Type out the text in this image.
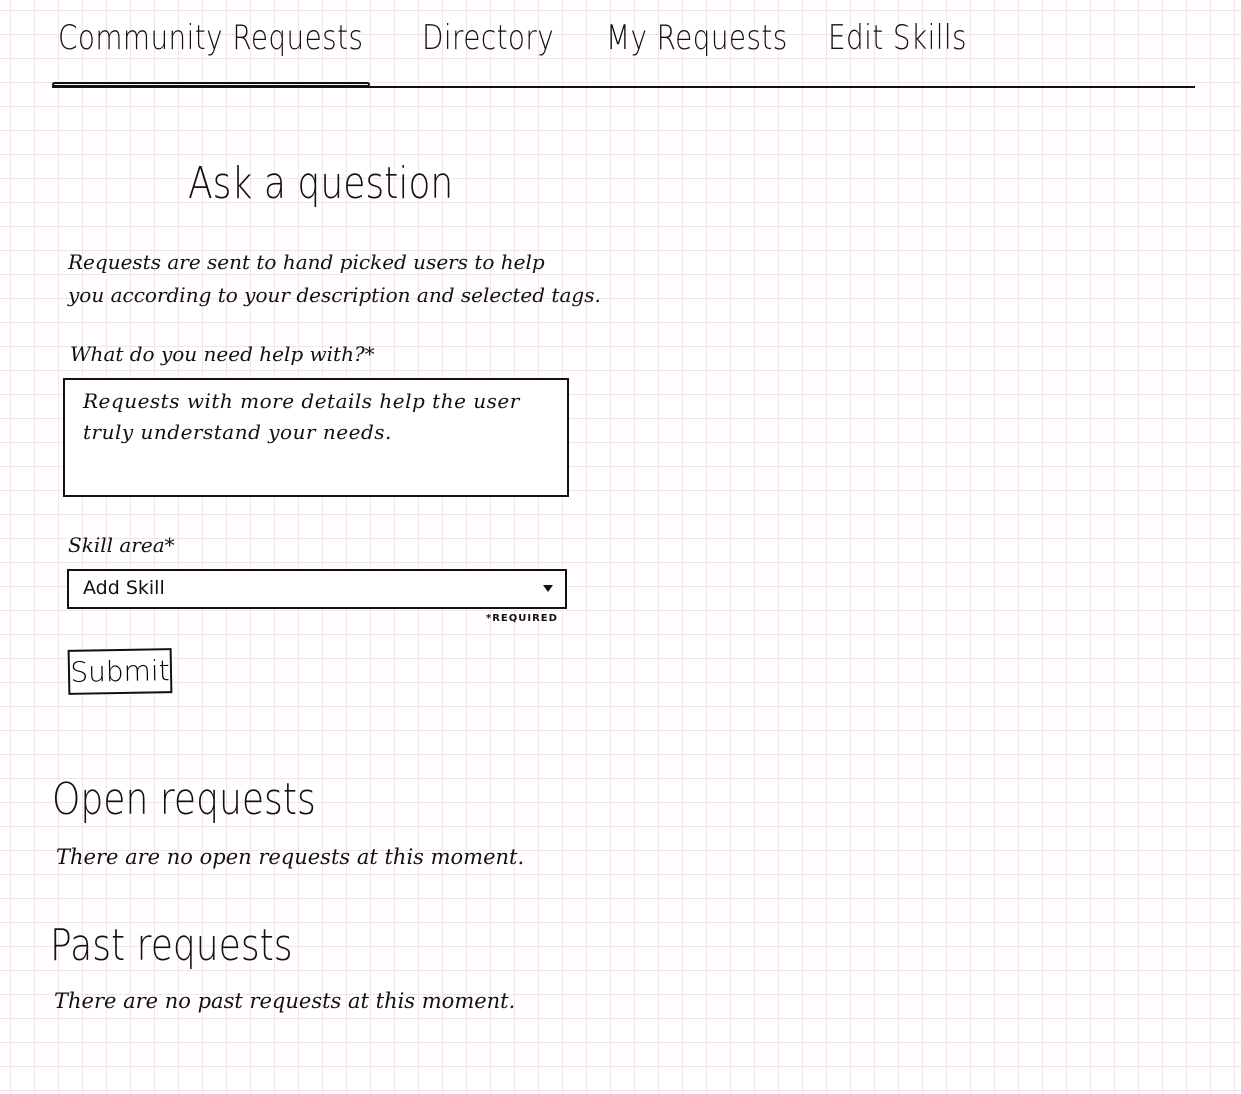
Community Requests Directory My Requests Edit Skills
Ask a question
Requests are sent to hand picked users to help
you according to your description and selected tags.
What do you need help with?*
Requests with more details help the user truly understand your needs.
Skill area*
Add Skill
*REQUIRED
Submit
Open requests
There are no open requests at this moment.
Past requests
There are no past requests at this moment.
